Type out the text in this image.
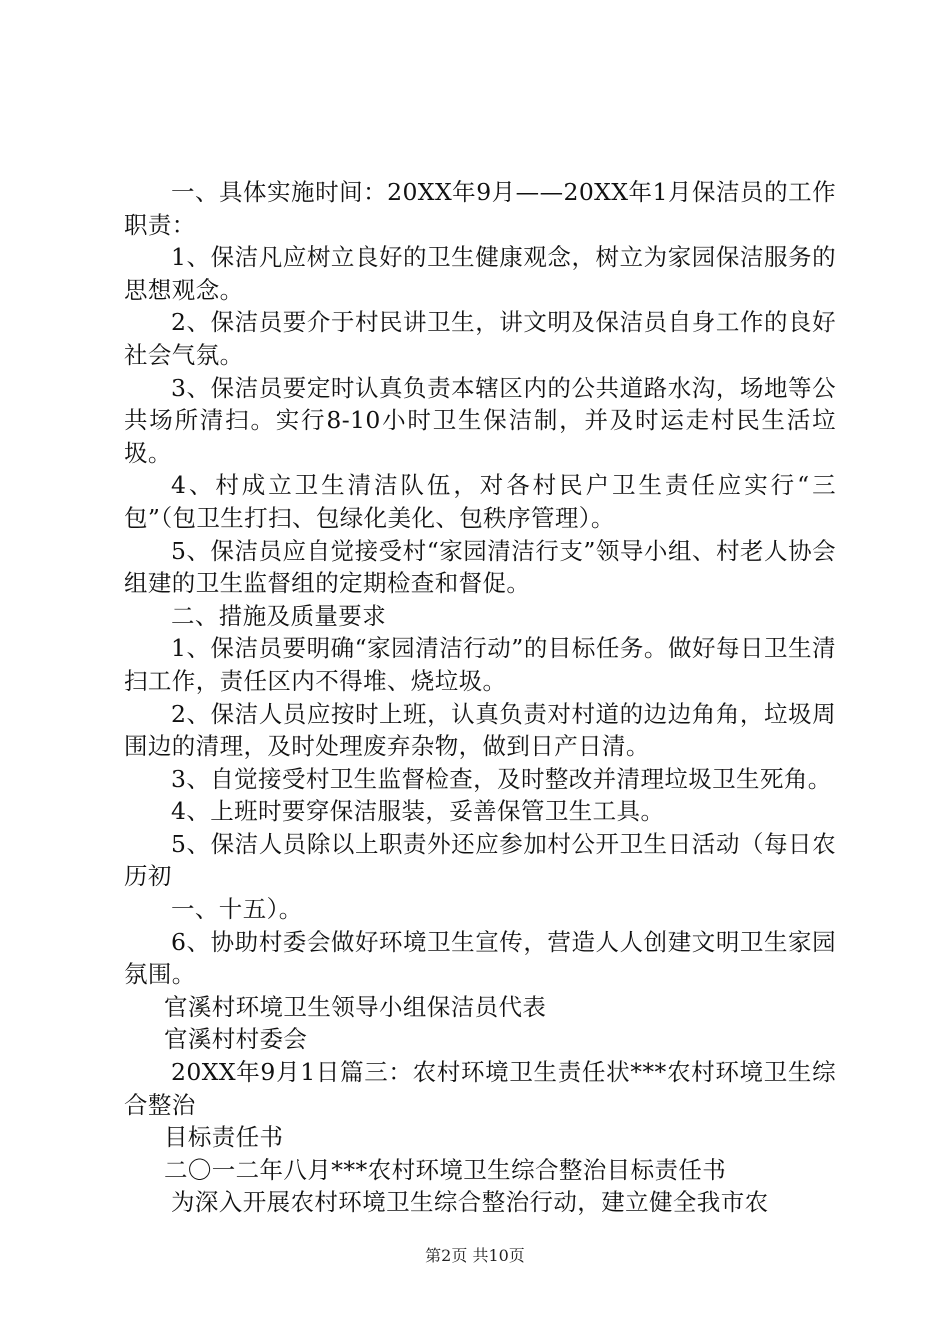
一、具体实施时间：20XX年9月——20XX年1月保洁员的工作职责：

1、保洁凡应树立良好的卫生健康观念，树立为家园保洁服务的思想观念。

2、保洁员要介于村民讲卫生，讲文明及保洁员自身工作的良好社会气氛。

3、保洁员要定时认真负责本辖区内的公共道路水沟，场地等公共场所清扫。实行8-10小时卫生保洁制，并及时运走村民生活垃圾。

4、村成立卫生清洁队伍，对各村民户卫生责任应实行“三包”（包卫生打扫、包绿化美化、包秩序管理）。

5、保洁员应自觉接受村“家园清洁行支”领导小组、村老人协会组建的卫生监督组的定期检查和督促。

二、措施及质量要求

1、保洁员要明确“家园清洁行动”的目标任务。做好每日卫生清扫工作，责任区内不得堆、烧垃圾。

2、保洁人员应按时上班，认真负责对村道的边边角角，垃圾周围边的清理，及时处理废弃杂物，做到日产日清。

3、自觉接受村卫生监督检查，及时整改并清理垃圾卫生死角。

4、上班时要穿保洁服装，妥善保管卫生工具。

5、保洁人员除以上职责外还应参加村公开卫生日活动（每日农历初

一、十五）。

6、协助村委会做好环境卫生宣传，营造人人创建文明卫生家园氛围。

官溪村环境卫生领导小组保洁员代表

官溪村村委会

20XX年9月1日篇三：农村环境卫生责任状***农村环境卫生综合整治

目标责任书

二〇一二年八月***农村环境卫生综合整治目标责任书

为深入开展农村环境卫生综合整治行动，建立健全我市农

第2页 共10页
